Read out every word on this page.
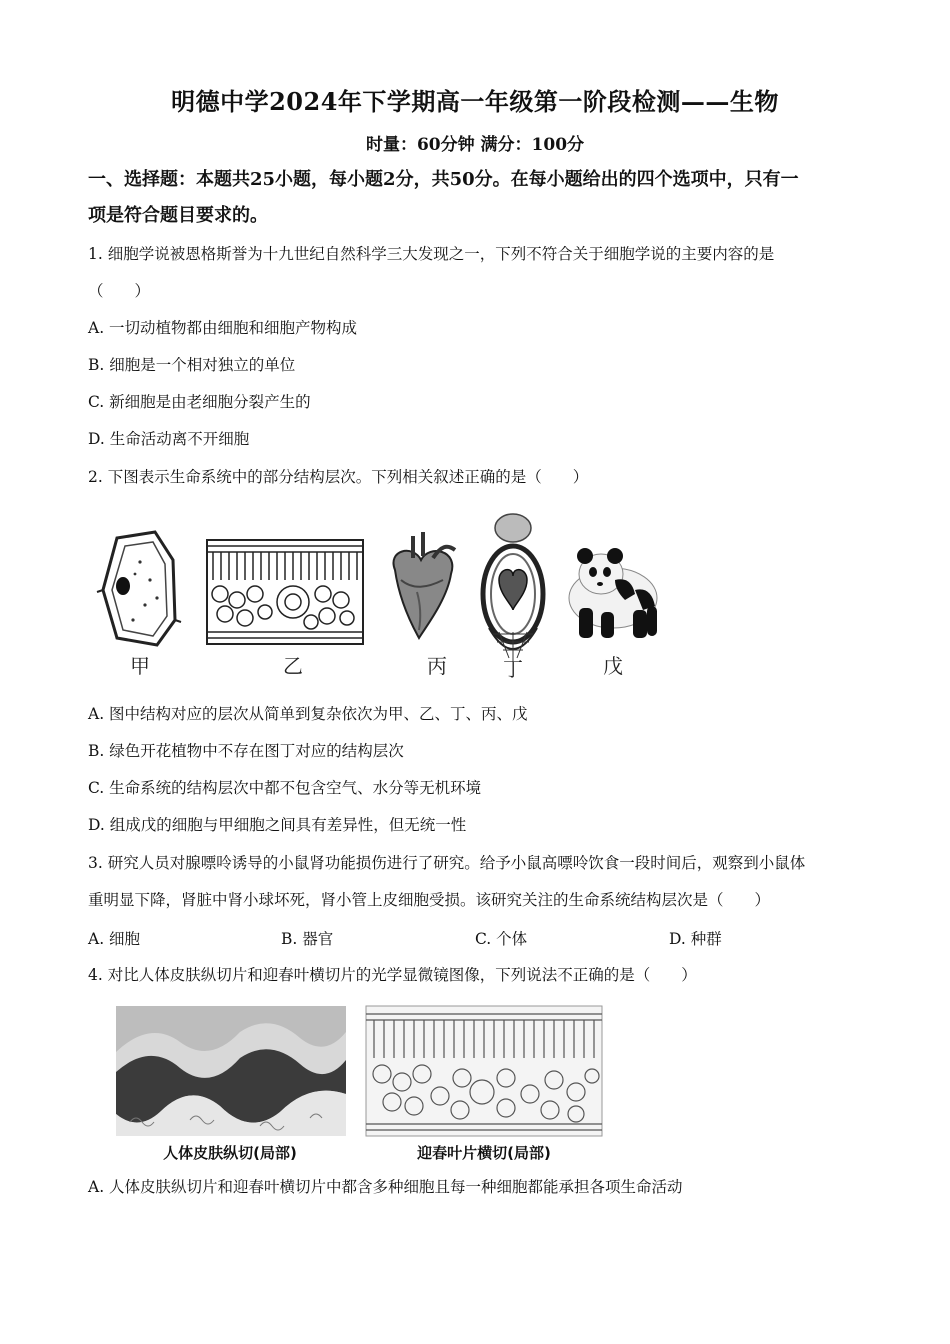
明德中学2024年下学期高一年级第一阶段检测——生物
时量：60分钟 满分：100分
一、选择题：本题共25小题，每小题2分，共50分。在每小题给出的四个选项中，只有一
项是符合题目要求的。
1. 细胞学说被恩格斯誉为十九世纪自然科学三大发现之一，下列不符合关于细胞学说的主要内容的是
（　　）
A. 一切动植物都由细胞和细胞产物构成
B. 细胞是一个相对独立的单位
C. 新细胞是由老细胞分裂产生的
D. 生命活动离不开细胞
2. 下图表示生命系统中的部分结构层次。下列相关叙述正确的是（　　）
甲	乙	丙	丁	戊
A. 图中结构对应的层次从简单到复杂依次为甲、乙、丁、丙、戊
B. 绿色开花植物中不存在图丁对应的结构层次
C. 生命系统的结构层次中都不包含空气、水分等无机环境
D. 组成戊的细胞与甲细胞之间具有差异性，但无统一性
3. 研究人员对腺嘌呤诱导的小鼠肾功能损伤进行了研究。给予小鼠高嘌呤饮食一段时间后，观察到小鼠体
重明显下降，肾脏中肾小球坏死，肾小管上皮细胞受损。该研究关注的生命系统结构层次是（　　）
A. 细胞	B. 器官	C. 个体	D. 种群
4. 对比人体皮肤纵切片和迎春叶横切片的光学显微镜图像，下列说法不正确的是（　　）
人体皮肤纵切(局部)	迎春叶片横切(局部)
A. 人体皮肤纵切片和迎春叶横切片中都含多种细胞且每一种细胞都能承担各项生命活动
